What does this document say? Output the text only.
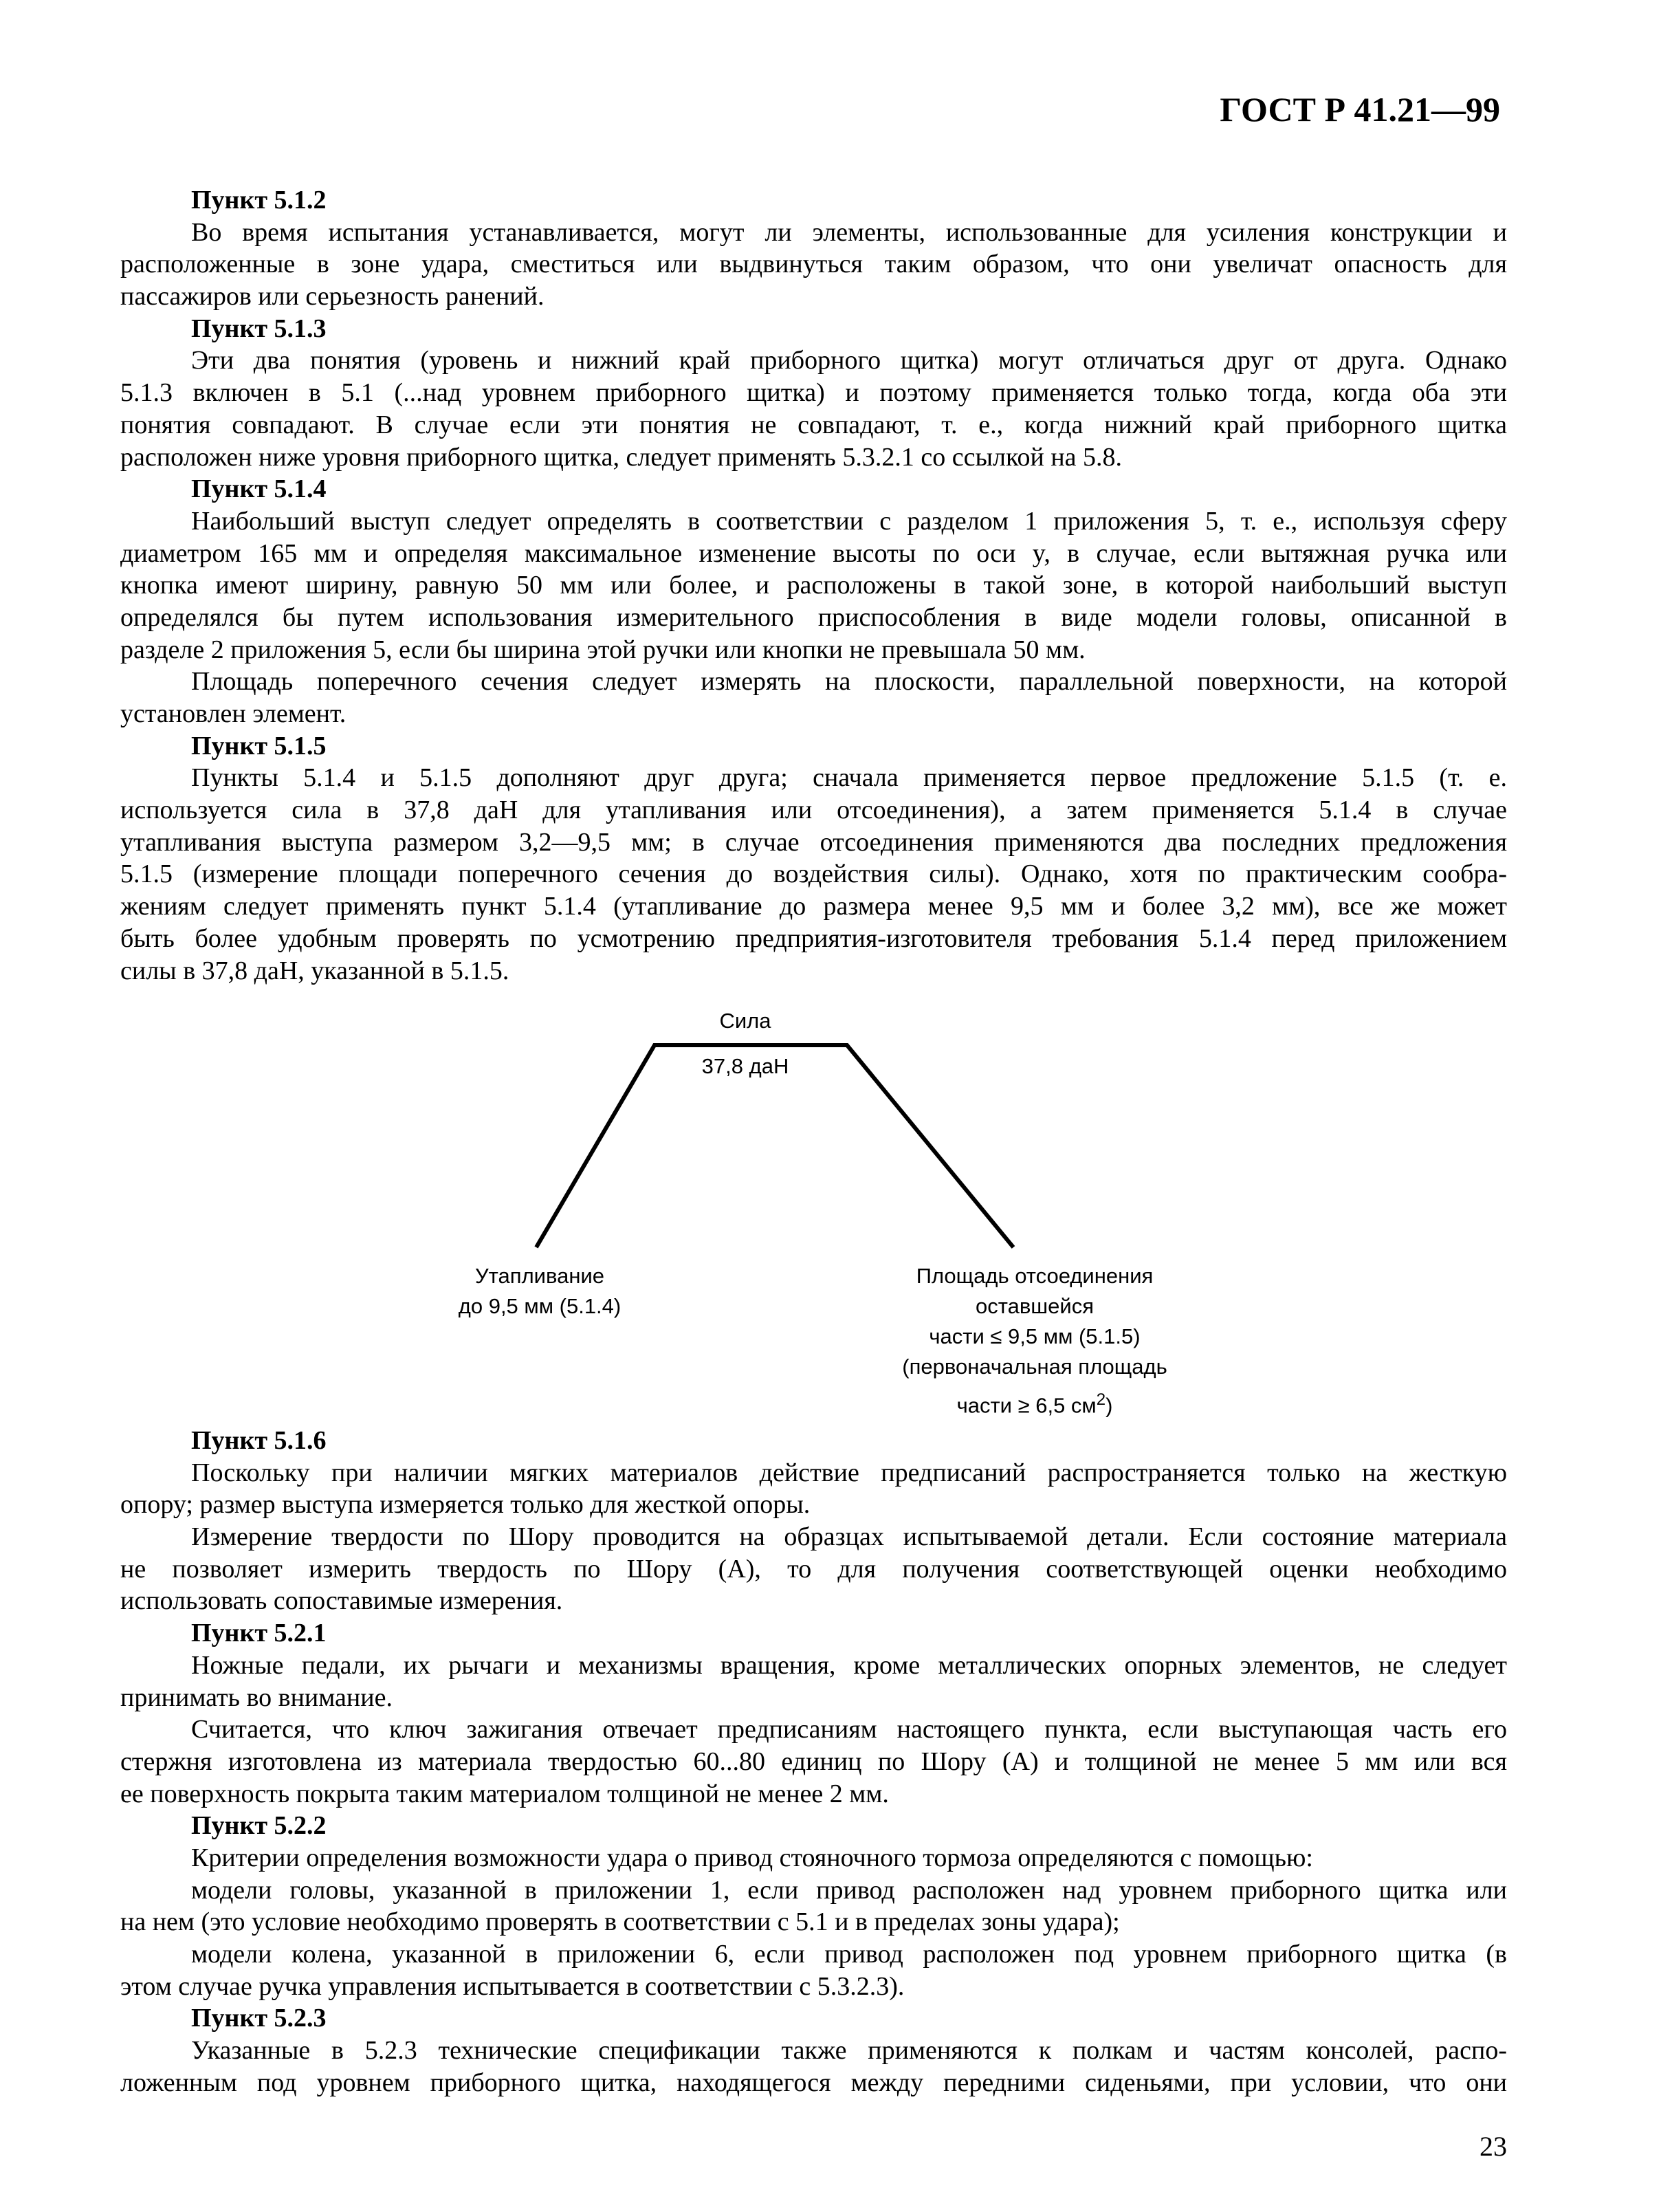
ГОСТ Р 41.21—99
Пункт 5.1.2
Во время испытания устанавливается, могут ли элементы, использованные для усиления конструкции и
расположенные в зоне удара, сместиться или выдвинуться таким образом, что они увеличат опасность для
пассажиров или серьезность ранений.
Пункт 5.1.3
Эти два понятия (уровень и нижний край приборного щитка) могут отличаться друг от друга. Однако
5.1.3 включен в 5.1 (...над уровнем приборного щитка) и поэтому применяется только тогда, когда оба эти
понятия совпадают. В случае если эти понятия не совпадают, т. е., когда нижний край приборного щитка
расположен ниже уровня приборного щитка, следует применять 5.3.2.1 со ссылкой на 5.8.
Пункт 5.1.4
Наибольший выступ следует определять в соответствии с разделом 1 приложения 5, т. е., используя сферу
диаметром 165 мм и определяя максимальное изменение высоты по оси y, в случае, если вытяжная ручка или
кнопка имеют ширину, равную 50 мм или более, и расположены в такой зоне, в которой наибольший выступ
определялся бы путем использования измерительного приспособления в виде модели головы, описанной в
разделе 2 приложения 5, если бы ширина этой ручки или кнопки не превышала 50 мм.
Площадь поперечного сечения следует измерять на плоскости, параллельной поверхности, на которой
установлен элемент.
Пункт 5.1.5
Пункты 5.1.4 и 5.1.5 дополняют друг друга; сначала применяется первое предложение 5.1.5 (т. е.
используется сила в 37,8 даН для утапливания или отсоединения), а затем применяется 5.1.4 в случае
утапливания выступа размером 3,2—9,5 мм; в случае отсоединения применяются два последних предложения
5.1.5 (измерение площади поперечного сечения до воздействия силы). Однако, хотя по практическим сообра-
жениям следует применять пункт 5.1.4 (утапливание до размера менее 9,5 мм и более 3,2 мм), все же может
быть более удобным проверять по усмотрению предприятия-изготовителя требования 5.1.4 перед приложением
силы в 37,8 даН, указанной в 5.1.5.
Сила
37,8 даН
Утапливание
до 9,5 мм (5.1.4)
Площадь отсоединения
оставшейся
части ≤ 9,5 мм (5.1.5)
(первоначальная площадь
части ≥ 6,5 $см^2$)
Пункт 5.1.6
Поскольку при наличии мягких материалов действие предписаний распространяется только на жесткую
опору; размер выступа измеряется только для жесткой опоры.
Измерение твердости по Шору проводится на образцах испытываемой детали. Если состояние материала
не позволяет измерить твердость по Шору (А), то для получения соответствующей оценки необходимо
использовать сопоставимые измерения.
Пункт 5.2.1
Ножные педали, их рычаги и механизмы вращения, кроме металлических опорных элементов, не следует
принимать во внимание.
Считается, что ключ зажигания отвечает предписаниям настоящего пункта, если выступающая часть его
стержня изготовлена из материала твердостью 60...80 единиц по Шору (А) и толщиной не менее 5 мм или вся
ее поверхность покрыта таким материалом толщиной не менее 2 мм.
Пункт 5.2.2
Критерии определения возможности удара о привод стояночного тормоза определяются с помощью:
модели головы, указанной в приложении 1, если привод расположен над уровнем приборного щитка или
на нем (это условие необходимо проверять в соответствии с 5.1 и в пределах зоны удара);
модели колена, указанной в приложении 6, если привод расположен под уровнем приборного щитка (в
этом случае ручка управления испытывается в соответствии с 5.3.2.3).
Пункт 5.2.3
Указанные в 5.2.3 технические спецификации также применяются к полкам и частям консолей, распо-
ложенным под уровнем приборного щитка, находящегося между передними сиденьями, при условии, что они
23
